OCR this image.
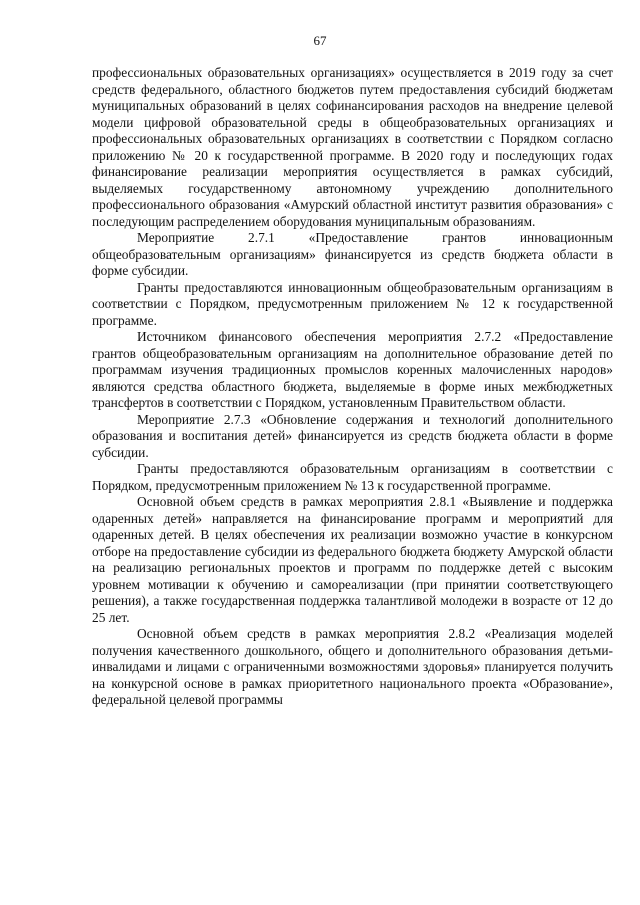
67

профессиональных образовательных организациях» осуществляется в 2019 году за счет средств федерального, областного бюджетов путем предоставления субсидий бюджетам муниципальных образований в целях софинансирования расходов на внедрение целевой модели цифровой образовательной среды в общеобразовательных организациях и профессиональных образовательных организациях в соответствии с Порядком согласно приложению № 20 к государственной программе. В 2020 году и последующих годах финансирование реализации мероприятия осуществляется в рамках субсидий, выделяемых государственному автономному учреждению дополнительного профессионального образования «Амурский областной институт развития образования» с последующим распределением оборудования муниципальным образованиям.

Мероприятие 2.7.1 «Предоставление грантов инновационным общеобразовательным организациям» финансируется из средств бюджета области в форме субсидии.

Гранты предоставляются инновационным общеобразовательным организациям в соответствии с Порядком, предусмотренным приложением № 12 к государственной программе.

Источником финансового обеспечения мероприятия 2.7.2 «Предоставление грантов общеобразовательным организациям на дополнительное образование детей по программам изучения традиционных промыслов коренных малочисленных народов» являются средства областного бюджета, выделяемые в форме иных межбюджетных трансфертов в соответствии с Порядком, установленным Правительством области.

Мероприятие 2.7.3 «Обновление содержания и технологий дополнительного образования и воспитания детей» финансируется из средств бюджета области в форме субсидии.

Гранты предоставляются образовательным организациям в соответствии с Порядком, предусмотренным приложением № 13 к государственной программе.

Основной объем средств в рамках мероприятия 2.8.1 «Выявление и поддержка одаренных детей» направляется на финансирование программ и мероприятий для одаренных детей. В целях обеспечения их реализации возможно участие в конкурсном отборе на предоставление субсидии из федерального бюджета бюджету Амурской области на реализацию региональных проектов и программ по поддержке детей с высоким уровнем мотивации к обучению и самореализации (при принятии соответствующего решения), а также государственная поддержка талантливой молодежи в возрасте от 12 до 25 лет.

Основной объем средств в рамках мероприятия 2.8.2 «Реализация моделей получения качественного дошкольного, общего и дополнительного образования детьми-инвалидами и лицами с ограниченными возможностями здоровья» планируется получить на конкурсной основе в рамках приоритетного национального проекта «Образование», федеральной целевой программы
